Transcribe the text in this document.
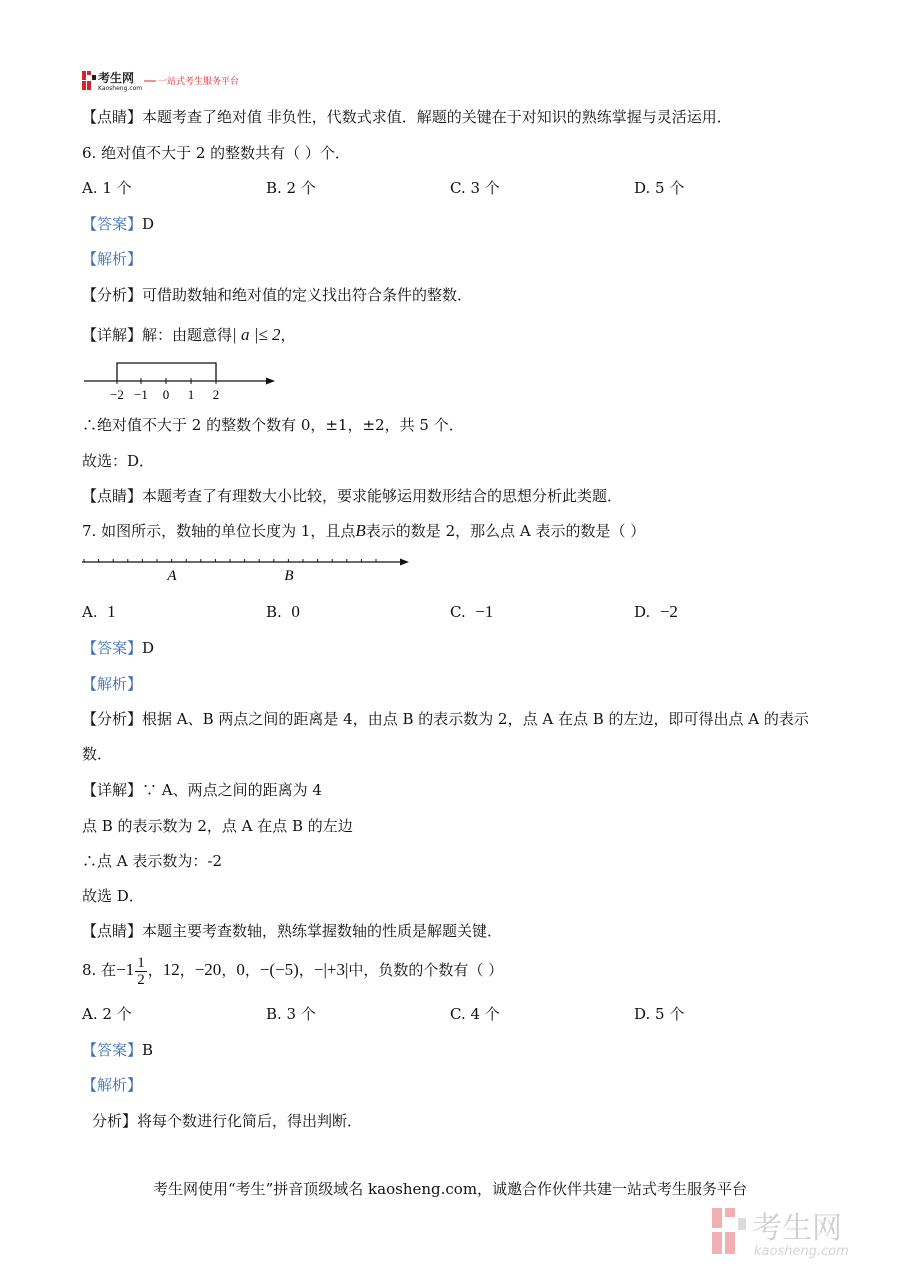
考生网
Kaosheng.com
一站式考生服务平台
【点睛】本题考查了绝对值 非负性，代数式求值．解题的关键在于对知识的熟练掌握与灵活运用．
6. 绝对值不大于 2 的整数共有（ ）个．
A. 1 个	B. 2 个	C. 3 个	D. 5 个
【答案】D
【解析】
【分析】可借助数轴和绝对值的定义找出符合条件的整数．
【详解】解：由题意得| a |≤ 2，
−2 −1 0 1 2
∴绝对值不大于 2 的整数个数有 0，±1，±2，共 5 个．
故选：D．
【点睛】本题考查了有理数大小比较，要求能够运用数形结合的思想分析此类题．
7. 如图所示，数轴的单位长度为 1，且点B表示的数是 2，那么点 A 表示的数是（ ）
A	B
A. 1	B. 0	C. −1	D. −2
【答案】D
【解析】
【分析】根据 A、B 两点之间的距离是 4，由点 B 的表示数为 2，点 A 在点 B 的左边，即可得出点 A 的表示
数．
【详解】∵ A、两点之间的距离为 4
点 B 的表示数为 2，点 A 在点 B 的左边
∴点 A 表示数为：-2
故选 D．
【点睛】本题主要考查数轴，熟练掌握数轴的性质是解题关键．
8. 在$-1 \frac{1}{2}$ ，12，−20，0，−(−5)，−|+3|中，负数的个数有（ ）
A. 2 个	B. 3 个	C. 4 个	D. 5 个
【答案】B
【解析】
分析】将每个数进行化简后，得出判断．
考生网使用“考生”拼音顶级域名 kaosheng.com，诚邀合作伙伴共建一站式考生服务平台
考生网
kaosheng.com
